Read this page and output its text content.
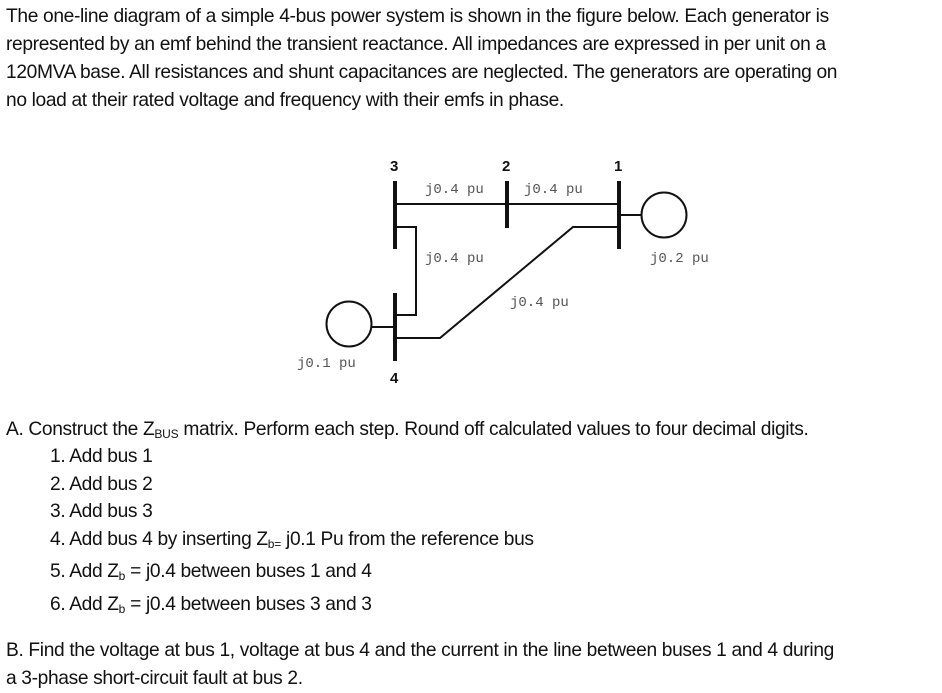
The one-line diagram of a simple 4-bus power system is shown in the figure below. Each generator is
represented by an emf behind the transient reactance. All impedances are expressed in per unit on a
120MVA base. All resistances and shunt capacitances are neglected. The generators are operating on
no load at their rated voltage and frequency with their emfs in phase.
3	2	1
4
j0.4 pu	j0.4 pu
j0.4 pu
j0.4 pu
j0.2 pu
j0.1 pu
A. Construct the $Z_{BUS}$ matrix. Perform each step. Round off calculated values to four decimal digits.
1. Add bus 1
2. Add bus 2
3. Add bus 3
4. Add bus 4 by inserting $Z_{b=}$ j0.1 Pu from the reference bus
5. Add $Z_b = j0.4$ between buses 1 and 4
6. Add $Z_b = j0.4$ between buses 3 and 3
B. Find the voltage at bus 1, voltage at bus 4 and the current in the line between buses 1 and 4 during
a 3-phase short-circuit fault at bus 2.
